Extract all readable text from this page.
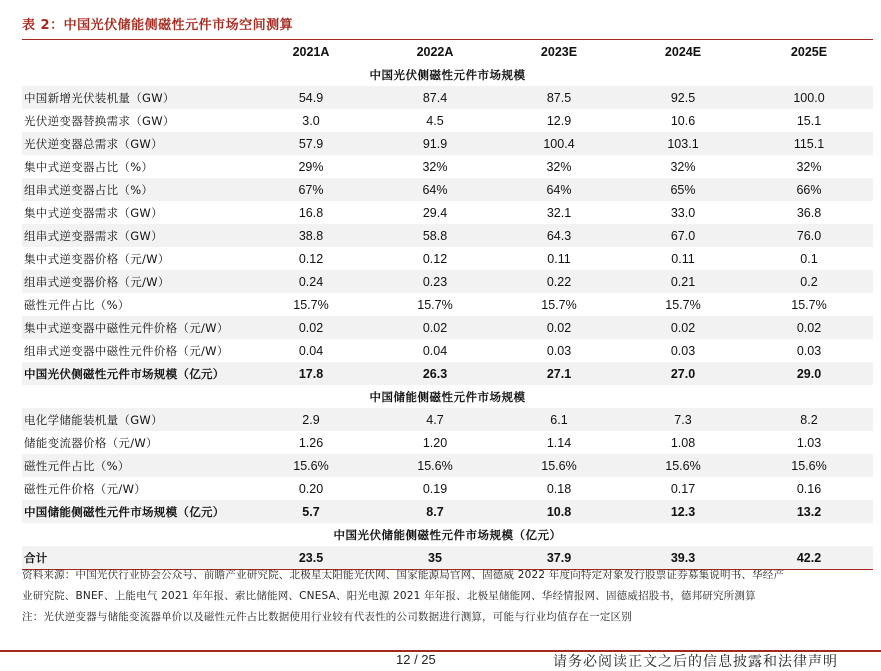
表 2：中国光伏储能侧磁性元件市场空间测算
	2021A	2022A	2023E	2024E	2025E
中国光伏侧磁性元件市场规模					
中国新增光伏装机量（GW）	54.9	87.4	87.5	92.5	100.0
光伏逆变器替换需求（GW）	3.0	4.5	12.9	10.6	15.1
光伏逆变器总需求（GW）	57.9	91.9	100.4	103.1	115.1
集中式逆变器占比（%）	29%	32%	32%	32%	32%
组串式逆变器占比（%）	67%	64%	64%	65%	66%
集中式逆变器需求（GW）	16.8	29.4	32.1	33.0	36.8
组串式逆变器需求（GW）	38.8	58.8	64.3	67.0	76.0
集中式逆变器价格（元/W）	0.12	0.12	0.11	0.11	0.1
组串式逆变器价格（元/W）	0.24	0.23	0.22	0.21	0.2
磁性元件占比（%）	15.7%	15.7%	15.7%	15.7%	15.7%
集中式逆变器中磁性元件价格（元/W）	0.02	0.02	0.02	0.02	0.02
组串式逆变器中磁性元件价格（元/W）	0.04	0.04	0.03	0.03	0.03
中国光伏侧磁性元件市场规模（亿元）	17.8	26.3	27.1	27.0	29.0
中国储能侧磁性元件市场规模					
电化学储能装机量（GW）	2.9	4.7	6.1	7.3	8.2
储能变流器价格（元/W）	1.26	1.20	1.14	1.08	1.03
磁性元件占比（%）	15.6%	15.6%	15.6%	15.6%	15.6%
磁性元件价格（元/W）	0.20	0.19	0.18	0.17	0.16
中国储能侧磁性元件市场规模（亿元）	5.7	8.7	10.8	12.3	13.2
中国光伏储能侧磁性元件市场规模（亿元）					
合计	23.5	35	37.9	39.3	42.2
资料来源：中国光伏行业协会公众号、前瞻产业研究院、北极星太阳能光伏网、国家能源局官网、固德威 2022 年度向特定对象发行股票证券募集说明书、华经产
业研究院、BNEF、上能电气 2021 年年报、索比储能网、CNESA、阳光电源 2021 年年报、北极星储能网、华经情报网、固德威招股书，德邦研究所测算
注：光伏逆变器与储能变流器单价以及磁性元件占比数据使用行业较有代表性的公司数据进行测算，可能与行业均值存在一定区别
12 / 25	请务必阅读正文之后的信息披露和法律声明
